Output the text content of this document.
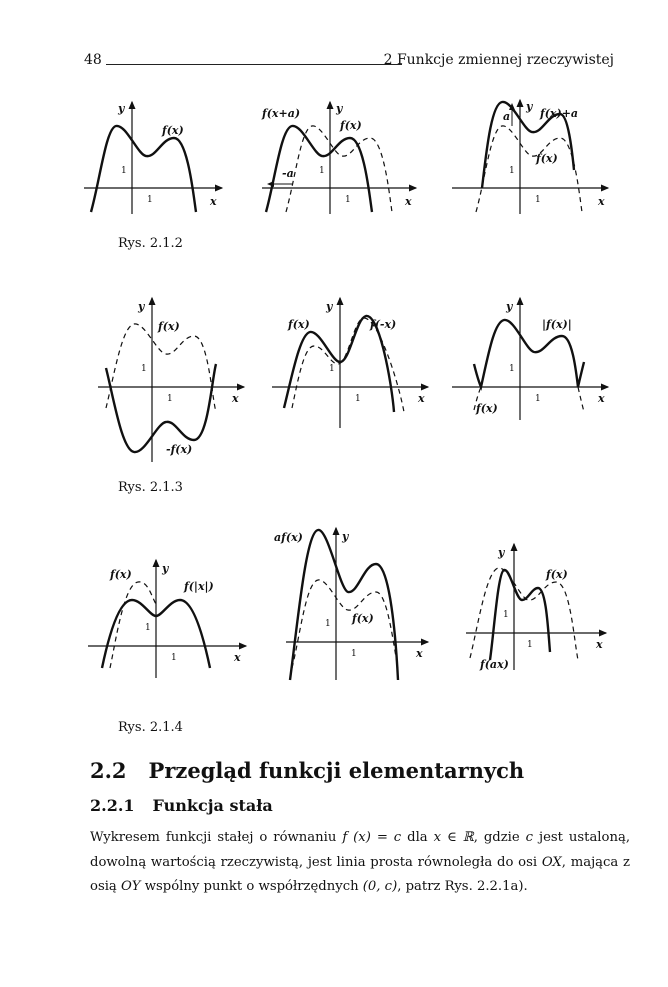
48	2 Funkcje zmiennej rzeczywistej
y
x
1
1
f(x)
y
x
1
1
f(x+a)
f(x)
-a
y
x
1
1
f(x)+a
f(x)
a
Rys. 2.1.2
y
x
1
1
f(x)
-f(x)
y
x
1
1
f(x)	f(-x)
y
x
1
1
|f(x)|
f(x)
Rys. 2.1.3
y
x
1
1
f(x)
f(|x|)
y
x
1
1
af(x)
f(x)
y
x
1
1
f(x)
f(ax)
Rys. 2.1.4
2.2 Przegląd funkcji elementarnych
2.2.1 Funkcja stała
Wykresem funkcji stałej o równaniu f (x) = c dla x ∈ ℝ, gdzie c jest ustaloną, dowolną wartością rzeczywistą, jest linia prosta równoległa do osi OX, mająca z osią OY wspólny punkt o współrzędnych (0, c), patrz Rys. 2.2.1a).
